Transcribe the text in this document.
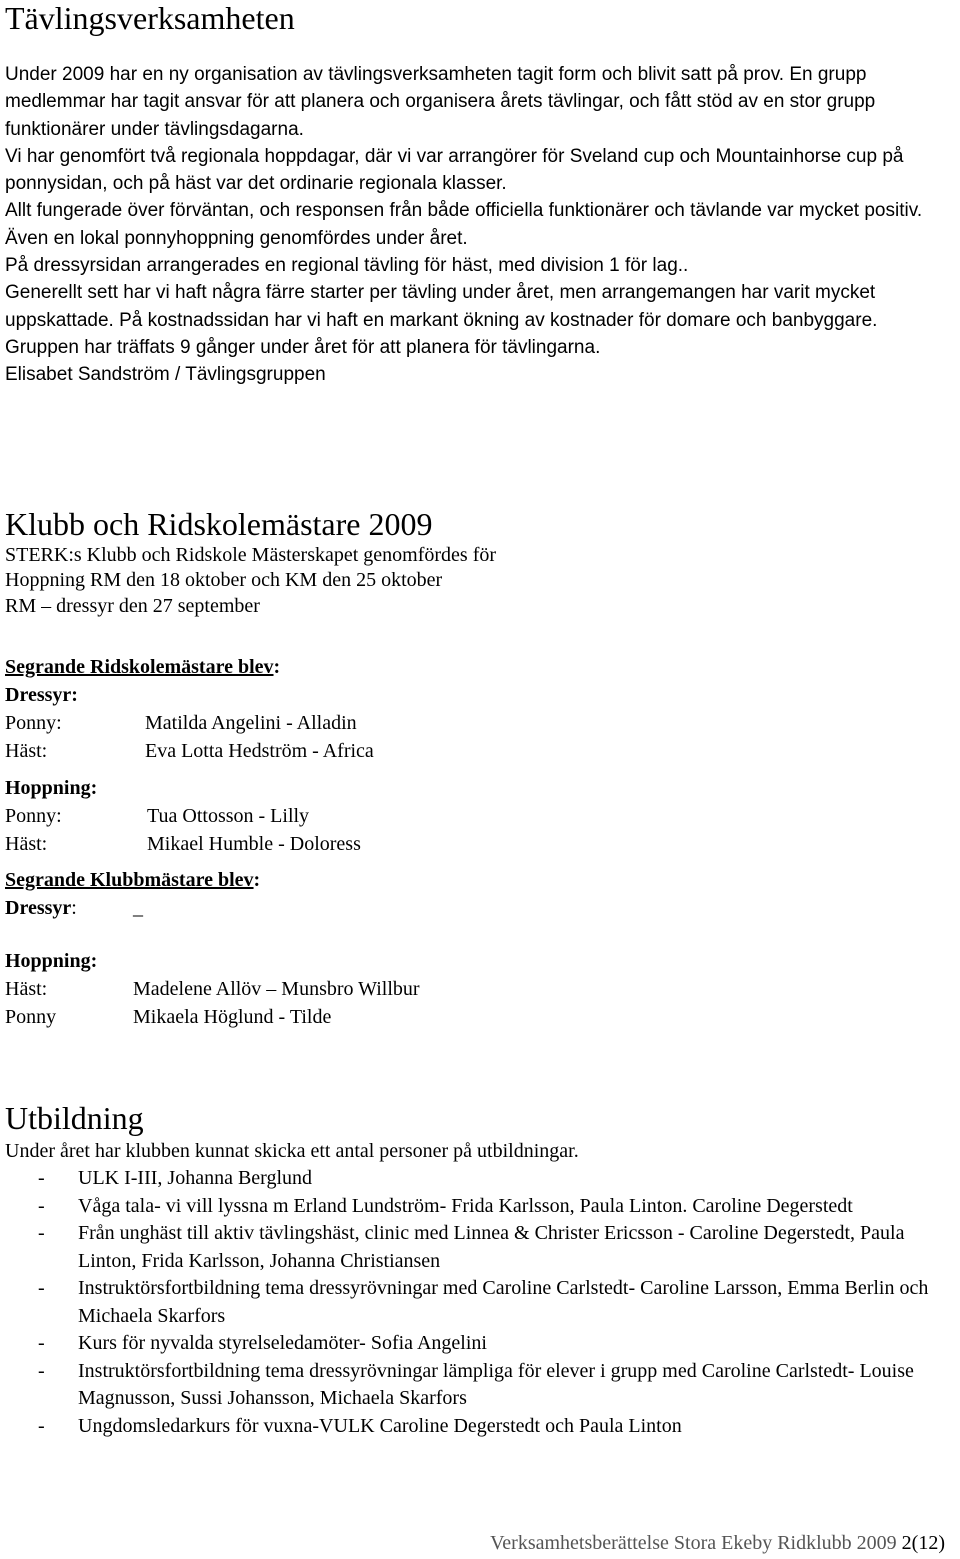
Tävlingsverksamheten

Under 2009 har en ny organisation av tävlingsverksamheten tagit form och blivit satt på prov. En grupp medlemmar har tagit ansvar för att planera och organisera årets tävlingar, och fått stöd av en stor grupp funktionärer under tävlingsdagarna.

Vi har genomfört två regionala hoppdagar, där vi var arrangörer för Sveland cup och Mountainhorse cup på ponnysidan, och på häst var det ordinarie regionala klasser.

Allt fungerade över förväntan, och responsen från både officiella funktionärer och tävlande var mycket positiv.

Även en lokal ponnyhoppning genomfördes under året.

På dressyrsidan arrangerades en regional tävling för häst, med division 1 för lag..

Generellt sett har vi haft några färre starter per tävling under året, men arrangemangen har varit mycket uppskattade. På kostnadssidan har vi haft en markant ökning av kostnader för domare och banbyggare.

Gruppen har träffats 9 gånger under året för att planera för tävlingarna.

Elisabet Sandström / Tävlingsgruppen

Klubb och Ridskolemästare 2009

STERK:s Klubb och Ridskole Mästerskapet genomfördes för

Hoppning RM den 18 oktober och KM den 25 oktober

RM – dressyr den 27 september

Segrande Ridskolemästare blev:

Dressyr:

Ponny:	Matilda Angelini - Alladin
Häst:	Eva Lotta Hedström - Africa

Hoppning:

Ponny:	Tua Ottosson - Lilly
Häst:	Mikael Humble - Doloress

Segrande Klubbmästare blev:

Dressyr:	_

Hoppning:

Häst:	Madelene Allöv – Munsbro Willbur
Ponny	Mikaela Höglund - Tilde
Utbildning

Under året har klubben kunnat skicka ett antal personer på utbildningar.

- ULK I-III, Johanna Berglund
- Våga tala- vi vill lyssna m Erland Lundström- Frida Karlsson, Paula Linton. Caroline Degerstedt
- Från unghäst till aktiv tävlingshäst, clinic med Linnea & Christer Ericsson - Caroline Degerstedt, Paula Linton, Frida Karlsson, Johanna Christiansen
- Instruktörsfortbildning tema dressyrövningar med Caroline Carlstedt- Caroline Larsson, Emma Berlin och Michaela Skarfors
- Kurs för nyvalda styrelseledamöter- Sofia Angelini
- Instruktörsfortbildning tema dressyrövningar lämpliga för elever i grupp med Caroline Carlstedt- Louise Magnusson, Sussi Johansson, Michaela Skarfors
- Ungdomsledarkurs för vuxna-VULK Caroline Degerstedt och Paula Linton
Verksamhetsberättelse Stora Ekeby Ridklubb 2009 2(12)
